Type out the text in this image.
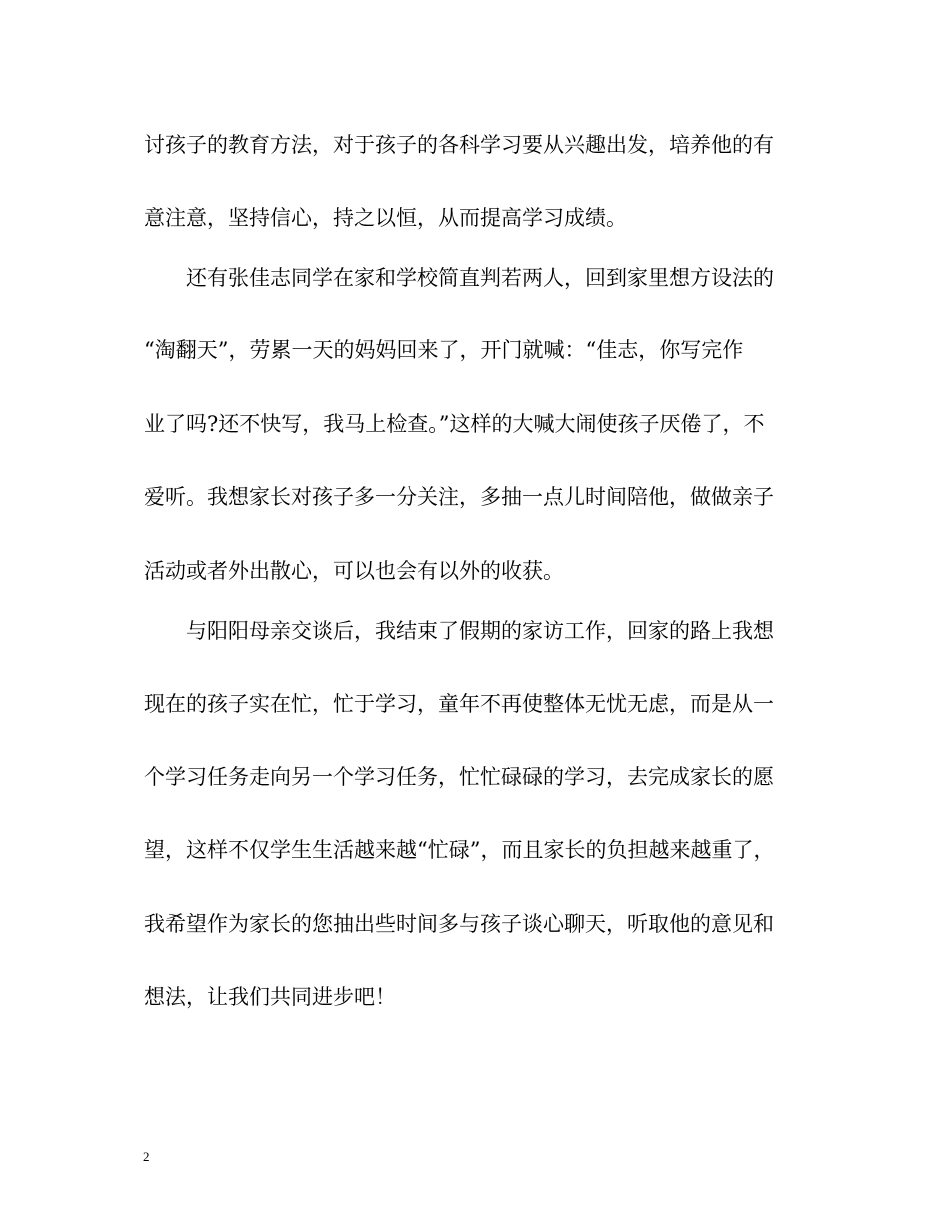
讨孩子的教育方法，对于孩子的各科学习要从兴趣出发，培养他的有
意注意，坚持信心，持之以恒，从而提高学习成绩。
还有张佳志同学在家和学校简直判若两人，回到家里想方设法的
“淘翻天”，劳累一天的妈妈回来了，开门就喊：“佳志，你写完作
业了吗?还不快写，我马上检查。”这样的大喊大闹使孩子厌倦了，不
爱听。我想家长对孩子多一分关注，多抽一点儿时间陪他，做做亲子
活动或者外出散心，可以也会有以外的收获。
与阳阳母亲交谈后，我结束了假期的家访工作，回家的路上我想
现在的孩子实在忙，忙于学习，童年不再使整体无忧无虑，而是从一
个学习任务走向另一个学习任务，忙忙碌碌的学习，去完成家长的愿
望，这样不仅学生生活越来越“忙碌”，而且家长的负担越来越重了，
我希望作为家长的您抽出些时间多与孩子谈心聊天，听取他的意见和
想法，让我们共同进步吧！
2
